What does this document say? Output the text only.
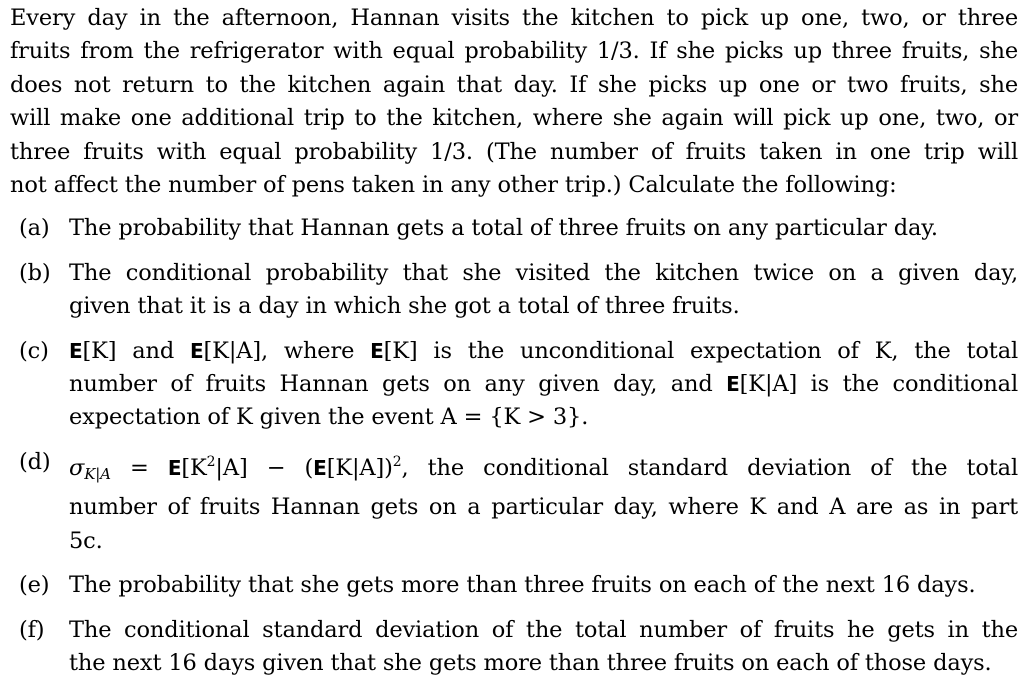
Every day in the afternoon, Hannan visits the kitchen to pick up one, two, or three
fruits from the refrigerator with equal probability 1/3. If she picks up three fruits, she
does not return to the kitchen again that day. If she picks up one or two fruits, she
will make one additional trip to the kitchen, where she again will pick up one, two, or
three fruits with equal probability 1/3. (The number of fruits taken in one trip will
not affect the number of pens taken in any other trip.) Calculate the following:

(a) The probability that Hannan gets a total of three fruits on any particular day.
(b) The conditional probability that she visited the kitchen twice on a given day,
given that it is a day in which she got a total of three fruits.
(c) E[K] and E[K|A], where E[K] is the unconditional expectation of K, the total
number of fruits Hannan gets on any given day, and E[K|A] is the conditional
expectation of K given the event A = {K > 3}.
(d) $\sigma_{K|A} = E[K^2|A] - (E[K|A])^2$, the conditional standard deviation of the total
number of fruits Hannan gets on a particular day, where K and A are as in part
5c.
(e) The probability that she gets more than three fruits on each of the next 16 days.
(f) The conditional standard deviation of the total number of fruits he gets in the
the next 16 days given that she gets more than three fruits on each of those days.
